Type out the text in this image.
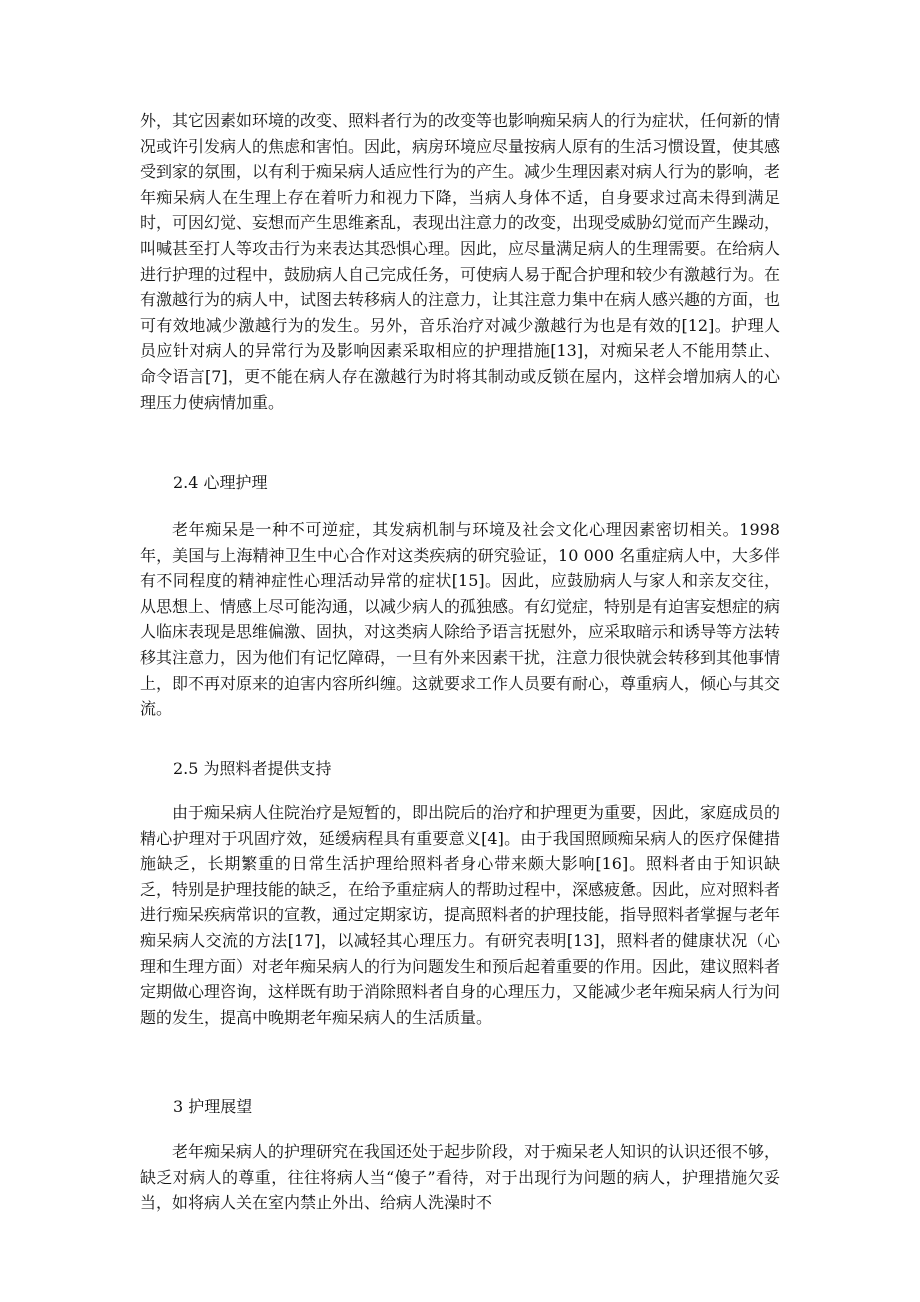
外，其它因素如环境的改变、照料者行为的改变等也影响痴呆病人的行为症状，任何新的情况或许引发病人的焦虑和害怕。因此，病房环境应尽量按病人原有的生活习惯设置，使其感受到家的氛围，以有利于痴呆病人适应性行为的产生。减少生理因素对病人行为的影响，老年痴呆病人在生理上存在着听力和视力下降，当病人身体不适，自身要求过高未得到满足时，可因幻觉、妄想而产生思维紊乱，表现出注意力的改变，出现受威胁幻觉而产生躁动，叫喊甚至打人等攻击行为来表达其恐惧心理。因此，应尽量满足病人的生理需要。在给病人进行护理的过程中，鼓励病人自己完成任务，可使病人易于配合护理和较少有激越行为。在有激越行为的病人中，试图去转移病人的注意力，让其注意力集中在病人感兴趣的方面，也可有效地减少激越行为的发生。另外，音乐治疗对减少激越行为也是有效的[12]。护理人员应针对病人的异常行为及影响因素采取相应的护理措施[13]，对痴呆老人不能用禁止、命令语言[7]，更不能在病人存在激越行为时将其制动或反锁在屋内，这样会增加病人的心理压力使病情加重。

2.4 心理护理

老年痴呆是一种不可逆症，其发病机制与环境及社会文化心理因素密切相关。1998 年，美国与上海精神卫生中心合作对这类疾病的研究验证，10 000 名重症病人中，大多伴有不同程度的精神症性心理活动异常的症状[15]。因此，应鼓励病人与家人和亲友交往，从思想上、情感上尽可能沟通，以减少病人的孤独感。有幻觉症，特别是有迫害妄想症的病人临床表现是思维偏激、固执，对这类病人除给予语言抚慰外，应采取暗示和诱导等方法转移其注意力，因为他们有记忆障碍，一旦有外来因素干扰，注意力很快就会转移到其他事情上，即不再对原来的迫害内容所纠缠。这就要求工作人员要有耐心，尊重病人，倾心与其交流。

2.5 为照料者提供支持

由于痴呆病人住院治疗是短暂的，即出院后的治疗和护理更为重要，因此，家庭成员的精心护理对于巩固疗效，延缓病程具有重要意义[4]。由于我国照顾痴呆病人的医疗保健措施缺乏，长期繁重的日常生活护理给照料者身心带来颇大影响[16]。照料者由于知识缺乏，特别是护理技能的缺乏，在给予重症病人的帮助过程中，深感疲惫。因此，应对照料者进行痴呆疾病常识的宣教，通过定期家访，提高照料者的护理技能，指导照料者掌握与老年痴呆病人交流的方法[17]，以减轻其心理压力。有研究表明[13]，照料者的健康状况（心理和生理方面）对老年痴呆病人的行为问题发生和预后起着重要的作用。因此，建议照料者定期做心理咨询，这样既有助于消除照料者自身的心理压力，又能减少老年痴呆病人行为问题的发生，提高中晚期老年痴呆病人的生活质量。

3 护理展望

老年痴呆病人的护理研究在我国还处于起步阶段，对于痴呆老人知识的认识还很不够，缺乏对病人的尊重，往往将病人当“傻子”看待，对于出现行为问题的病人，护理措施欠妥当，如将病人关在室内禁止外出、给病人洗澡时不
